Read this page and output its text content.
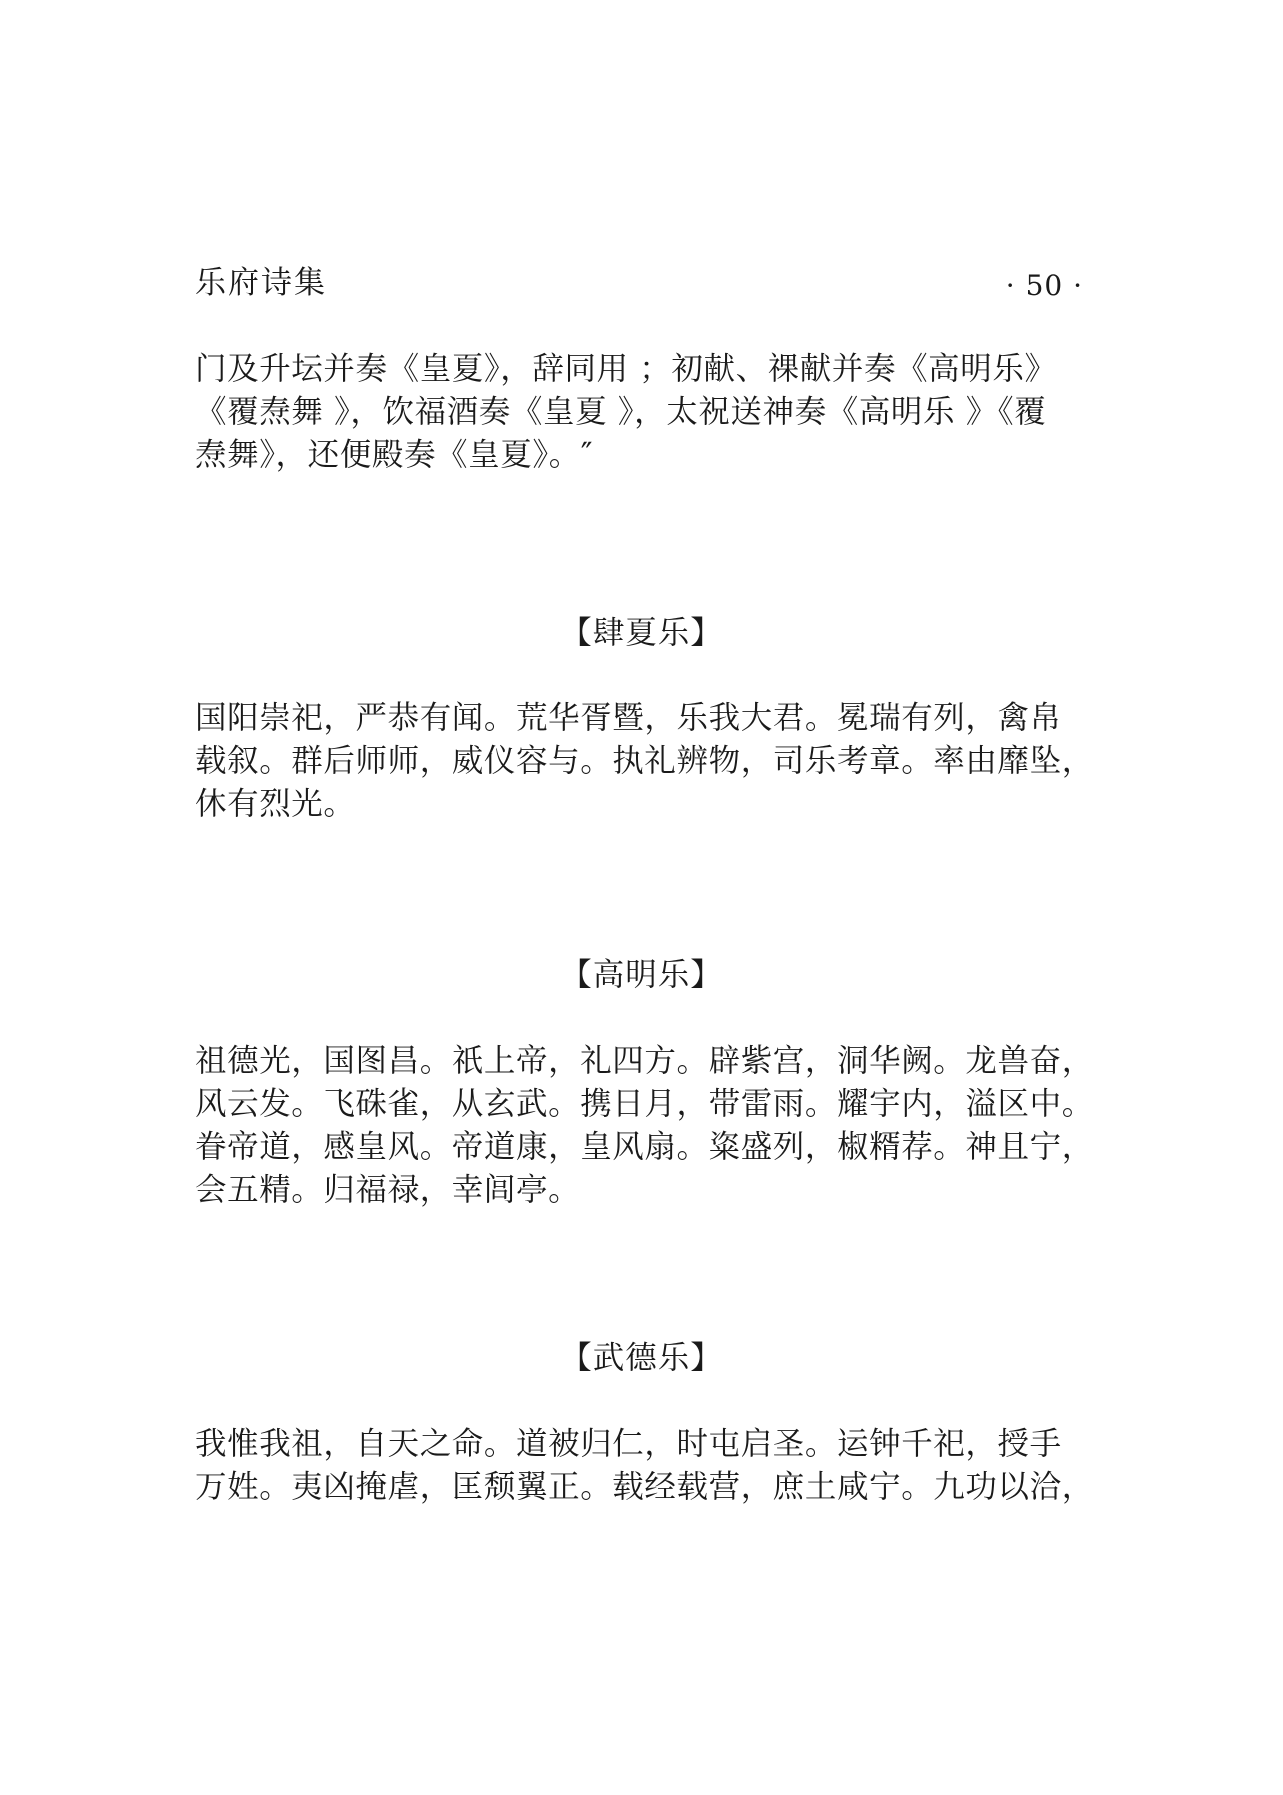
乐府诗集	· 50 ·

门及升坛并奏《皇夏》，辞同用 ；初献、祼献并奏《高明乐》

《覆焘舞 》，饮福酒奏《皇夏 》，太祝送神奏《高明乐 》《覆

焘舞》，还便殿奏《皇夏》。″

【肆夏乐】

国阳崇祀，严恭有闻。荒华胥暨，乐我大君。冕瑞有列，禽帛

载叙。群后师师，威仪容与。执礼辨物，司乐考章。率由靡坠，

休有烈光。

【高明乐】

祖德光，国图昌。祇上帝，礼四方。辟紫宫，洞华阙。龙兽奋，

风云发。飞硃雀，从玄武。携日月，带雷雨。耀宇内，溢区中。

眷帝道，感皇风。帝道康，皇风扇。粢盛列，椒糈荐。神且宁，

会五精。归福禄，幸闾亭。

【武德乐】

我惟我祖，自天之命。道被归仁，时屯启圣。运钟千祀，授手

万姓。夷凶掩虐，匡颓翼正。载经载营，庶土咸宁。九功以洽，
